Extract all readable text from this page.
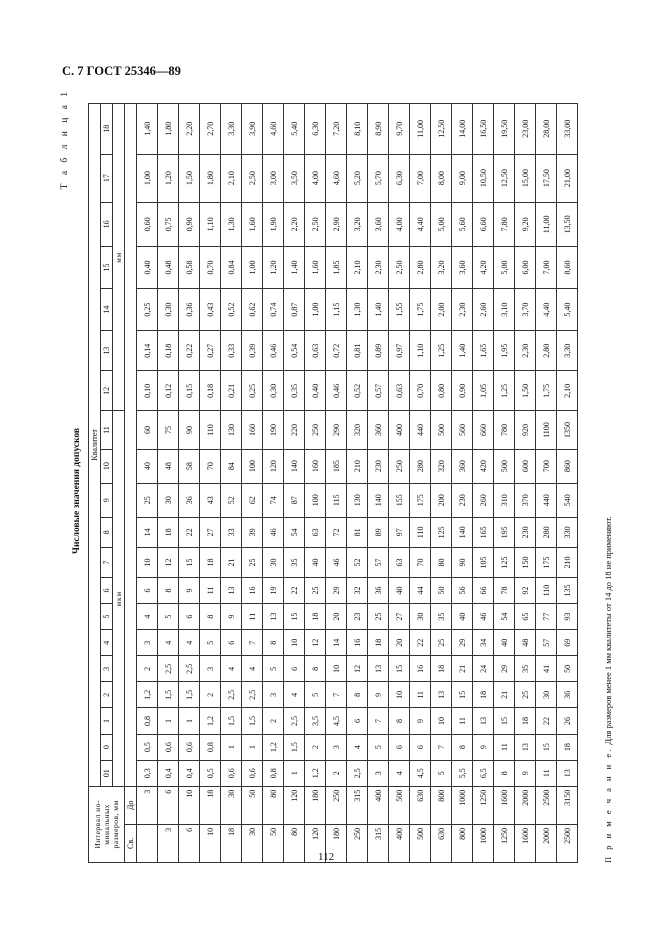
С. 7 ГОСТ 25346—89
Т а б л и ц а 1
Числовые значения допусков
Интервал но-минальных размеров, мм		Квалитет																			
		01	0	1	2	3	4	5	6	7	8	9	10	11	12	13	14	15	16	17	18
		мкм													мм						
Св.	До																				
	3	0,3	0,5	0,8	1,2	2	3	4	6	10	14	25	40	60	0,10	0,14	0,25	0,40	0,60	1,00	1,40
3	6	0,4	0,6	1	1,5	2,5	4	5	8	12	18	30	48	75	0,12	0,18	0,30	0,48	0,75	1,20	1,80
6	10	0,4	0,6	1	1,5	2,5	4	6	9	15	22	36	58	90	0,15	0,22	0,36	0,58	0,90	1,50	2,20
10	18	0,5	0,8	1,2	2	3	5	8	11	18	27	43	70	110	0,18	0,27	0,43	0,70	1,10	1,80	2,70
18	30	0,6	1	1,5	2,5	4	6	9	13	21	33	52	84	130	0,21	0,33	0,52	0,84	1,30	2,10	3,30
30	50	0,6	1	1,5	2,5	4	7	11	16	25	39	62	100	160	0,25	0,39	0,62	1,00	1,60	2,50	3,90
50	80	0,8	1,2	2	3	5	8	13	19	30	46	74	120	190	0,30	0,46	0,74	1,20	1,90	3,00	4,60
80	120	1	1,5	2,5	4	6	10	15	22	35	54	87	140	220	0,35	0,54	0,87	1,40	2,20	3,50	5,40
120	180	1,2	2	3,5	5	8	12	18	25	40	63	100	160	250	0,40	0,63	1,00	1,60	2,50	4,00	6,30
180	250	2	3	4,5	7	10	14	20	29	46	72	115	185	290	0,46	0,72	1,15	1,85	2,90	4,60	7,20
250	315	2,5	4	6	8	12	16	23	32	52	81	130	210	320	0,52	0,81	1,30	2,10	3,20	5,20	8,10
315	400	3	5	7	9	13	18	25	36	57	89	140	230	360	0,57	0,89	1,40	2,30	3,60	5,70	8,90
400	500	4	6	8	10	15	20	27	40	63	97	155	250	400	0,63	0,97	1,55	2,50	4,00	6,30	9,70
500	630	4,5	6	9	11	16	22	30	44	70	110	175	280	440	0,70	1,10	1,75	2,80	4,40	7,00	11,00
630	800	5	7	10	13	18	25	35	50	80	125	200	320	500	0,80	1,25	2,00	3,20	5,00	8,00	12,50
800	1000	5,5	8	11	15	21	29	40	56	90	140	230	360	560	0,90	1,40	2,30	3,60	5,60	9,00	14,00
1000	1250	6,5	9	13	18	24	34	46	66	105	165	260	420	660	1,05	1,65	2,60	4,20	6,60	10,50	16,50
1250	1600	8	11	15	21	29	40	54	78	125	195	310	500	780	1,25	1,95	3,10	5,00	7,80	12,50	19,50
1600	2000	9	13	18	25	35	48	65	92	150	230	370	600	920	1,50	2,30	3,70	6,00	9,20	15,00	23,00
2000	2500	11	15	22	30	41	57	77	110	175	280	440	700	1100	1,75	2,80	4,40	7,00	11,00	17,50	28,00
2500	3150	13	18	26	36	50	69	93	135	210	330	540	860	1350	2,10	3,30	5,40	8,60	13,50	21,00	33,00
П р и м е ч а н и е. Для размеров менее 1 мм квалитеты от 14 до 18 не применяют.
112
